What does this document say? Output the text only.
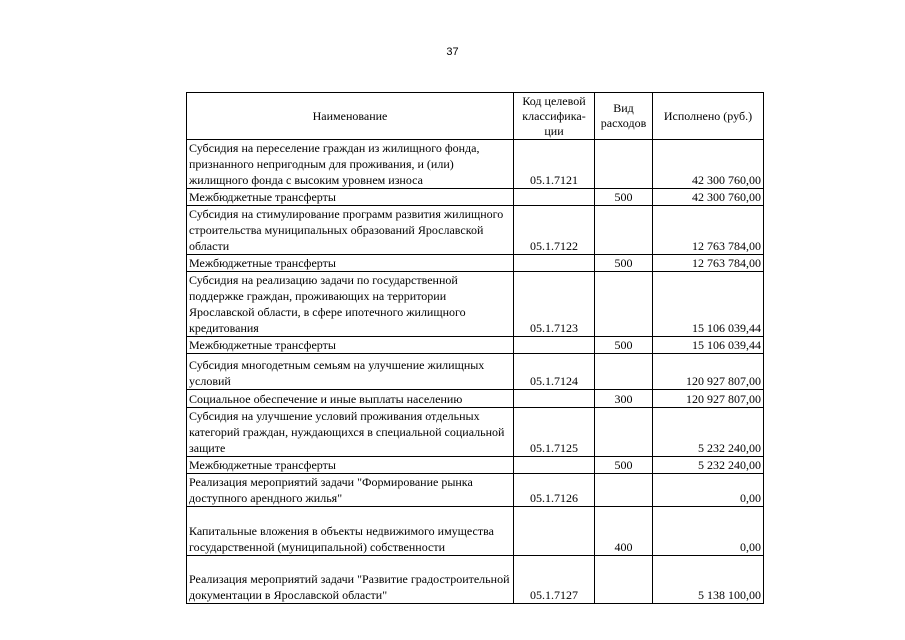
37
Наименование	Код целевой классифика-ции	Вид расходов	Исполнено (руб.)
Субсидия на переселение граждан из жилищного фонда, признанного непригодным для проживания, и (или) жилищного фонда с высоким уровнем износа	05.1.7121		42 300 760,00
Межбюджетные трансферты		500	42 300 760,00
Субсидия на стимулирование программ развития жилищного строительства муниципальных образований Ярославской области	05.1.7122		12 763 784,00
Межбюджетные трансферты		500	12 763 784,00
Субсидия на реализацию задачи по государственной поддержке граждан, проживающих на территории Ярославской области, в сфере ипотечного жилищного кредитования	05.1.7123		15 106 039,44
Межбюджетные трансферты		500	15 106 039,44
Субсидия многодетным семьям на улучшение жилищных условий	05.1.7124		120 927 807,00
Социальное обеспечение и иные выплаты населению		300	120 927 807,00
Субсидия на улучшение условий проживания отдельных категорий граждан, нуждающихся в специальной социальной защите	05.1.7125		5 232 240,00
Межбюджетные трансферты		500	5 232 240,00
Реализация мероприятий задачи "Формирование рынка доступного арендного жилья"	05.1.7126		0,00
Капитальные вложения в объекты недвижимого имущества государственной (муниципальной) собственности		400	0,00
Реализация мероприятий задачи "Развитие градостроительной документации в Ярославской области"	05.1.7127		5 138 100,00
